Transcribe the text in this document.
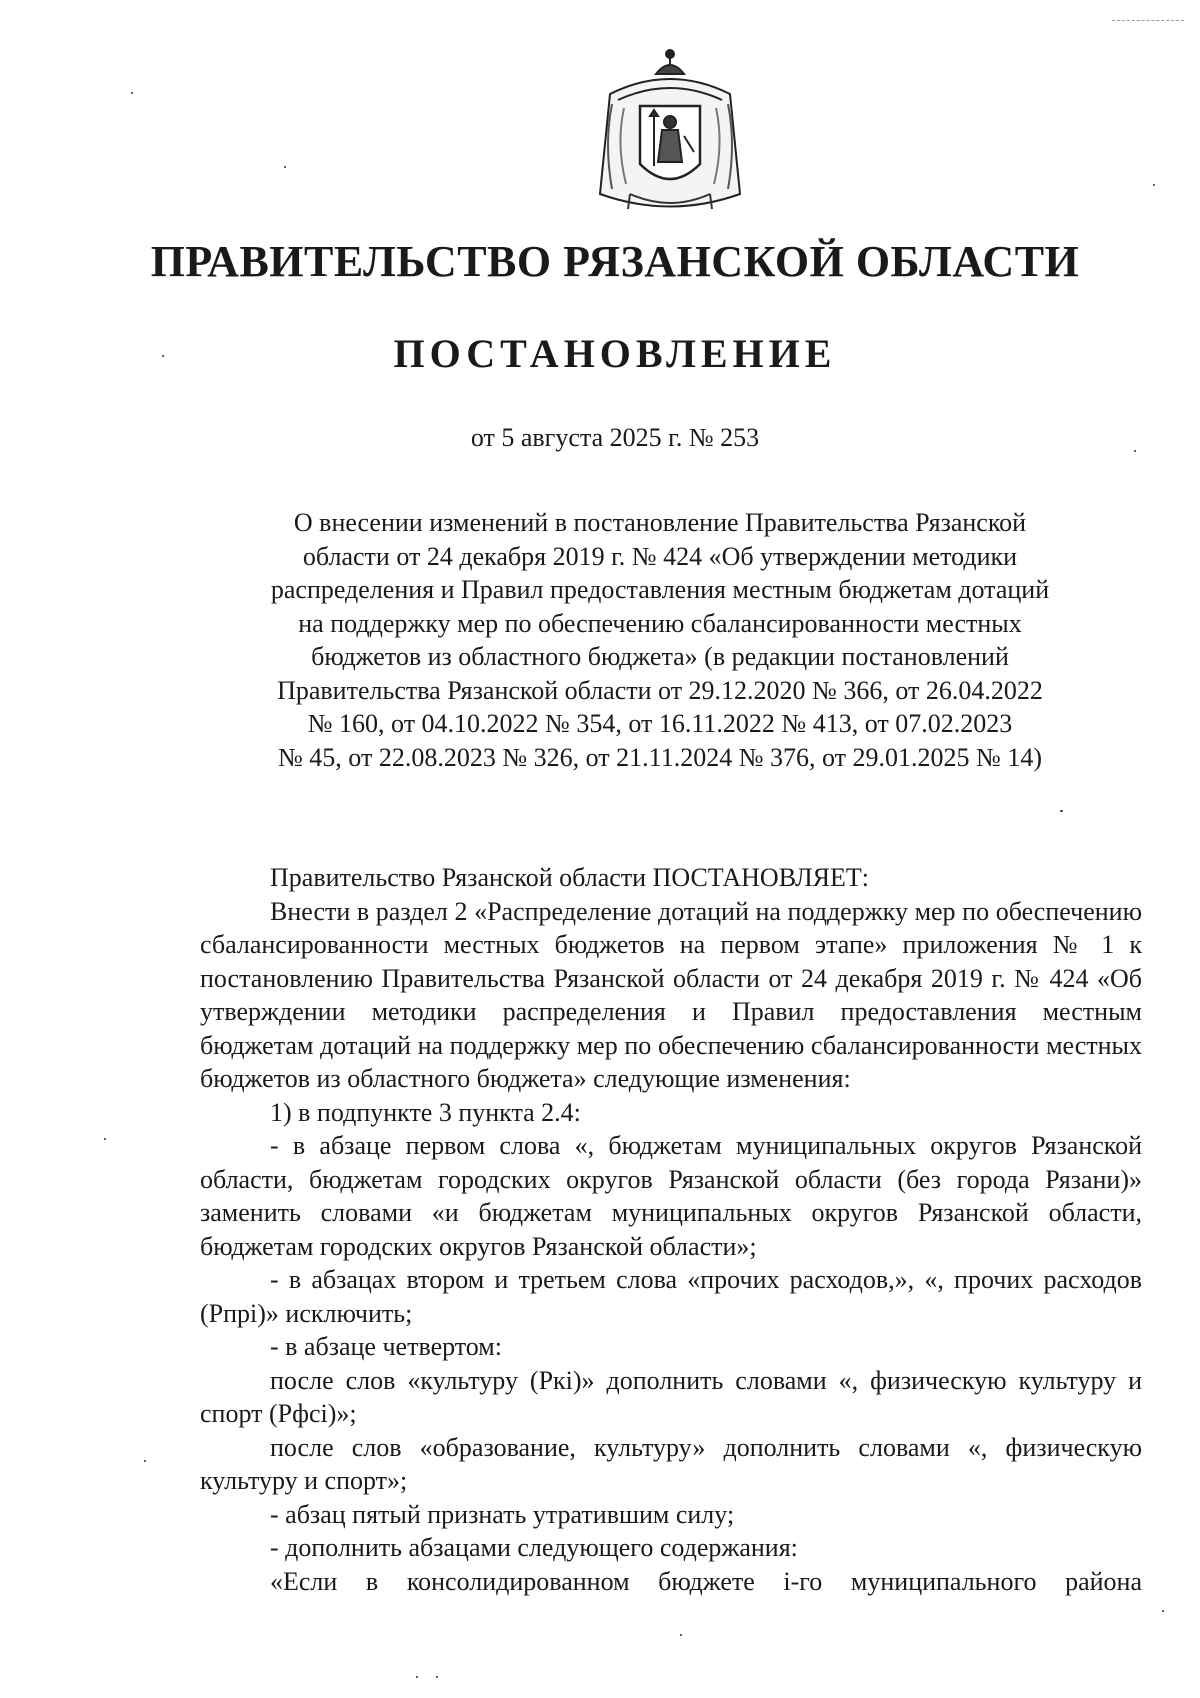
ПРАВИТЕЛЬСТВО РЯЗАНСКОЙ ОБЛАСТИ
ПОСТАНОВЛЕНИЕ
от 5 августа 2025 г. № 253
О внесении изменений в постановление Правительства Рязанской
области от 24 декабря 2019 г. № 424 «Об утверждении методики
распределения и Правил предоставления местным бюджетам дотаций
на поддержку мер по обеспечению сбалансированности местных
бюджетов из областного бюджета» (в редакции постановлений
Правительства Рязанской области от 29.12.2020 № 366, от 26.04.2022
№ 160, от 04.10.2022 № 354, от 16.11.2022 № 413, от 07.02.2023
№ 45, от 22.08.2023 № 326, от 21.11.2024 № 376, от 29.01.2025 № 14)

Правительство Рязанской области ПОСТАНОВЛЯЕТ:

Внести в раздел 2 «Распределение дотаций на поддержку мер по обеспечению сбалансированности местных бюджетов на первом этапе» приложения № 1 к постановлению Правительства Рязанской области от 24 декабря 2019 г. № 424 «Об утверждении методики распределения и Правил предоставления местным бюджетам дотаций на поддержку мер по обеспечению сбалансированности местных бюджетов из областного бюджета» следующие изменения:

1) в подпункте 3 пункта 2.4:

- в абзаце первом слова «, бюджетам муниципальных округов Рязанской области, бюджетам городских округов Рязанской области (без города Рязани)» заменить словами «и бюджетам муниципальных округов Рязанской области, бюджетам городских округов Рязанской области»;

- в абзацах втором и третьем слова «прочих расходов,», «, прочих расходов (Рпрi)» исключить;

- в абзаце четвертом:

после слов «культуру (Ркi)» дополнить словами «, физическую культуру и спорт (Рфсi)»;

после слов «образование, культуру» дополнить словами «, физическую культуру и спорт»;

- абзац пятый признать утратившим силу;

- дополнить абзацами следующего содержания:

«Если в консолидированном бюджете i-го муниципального района
